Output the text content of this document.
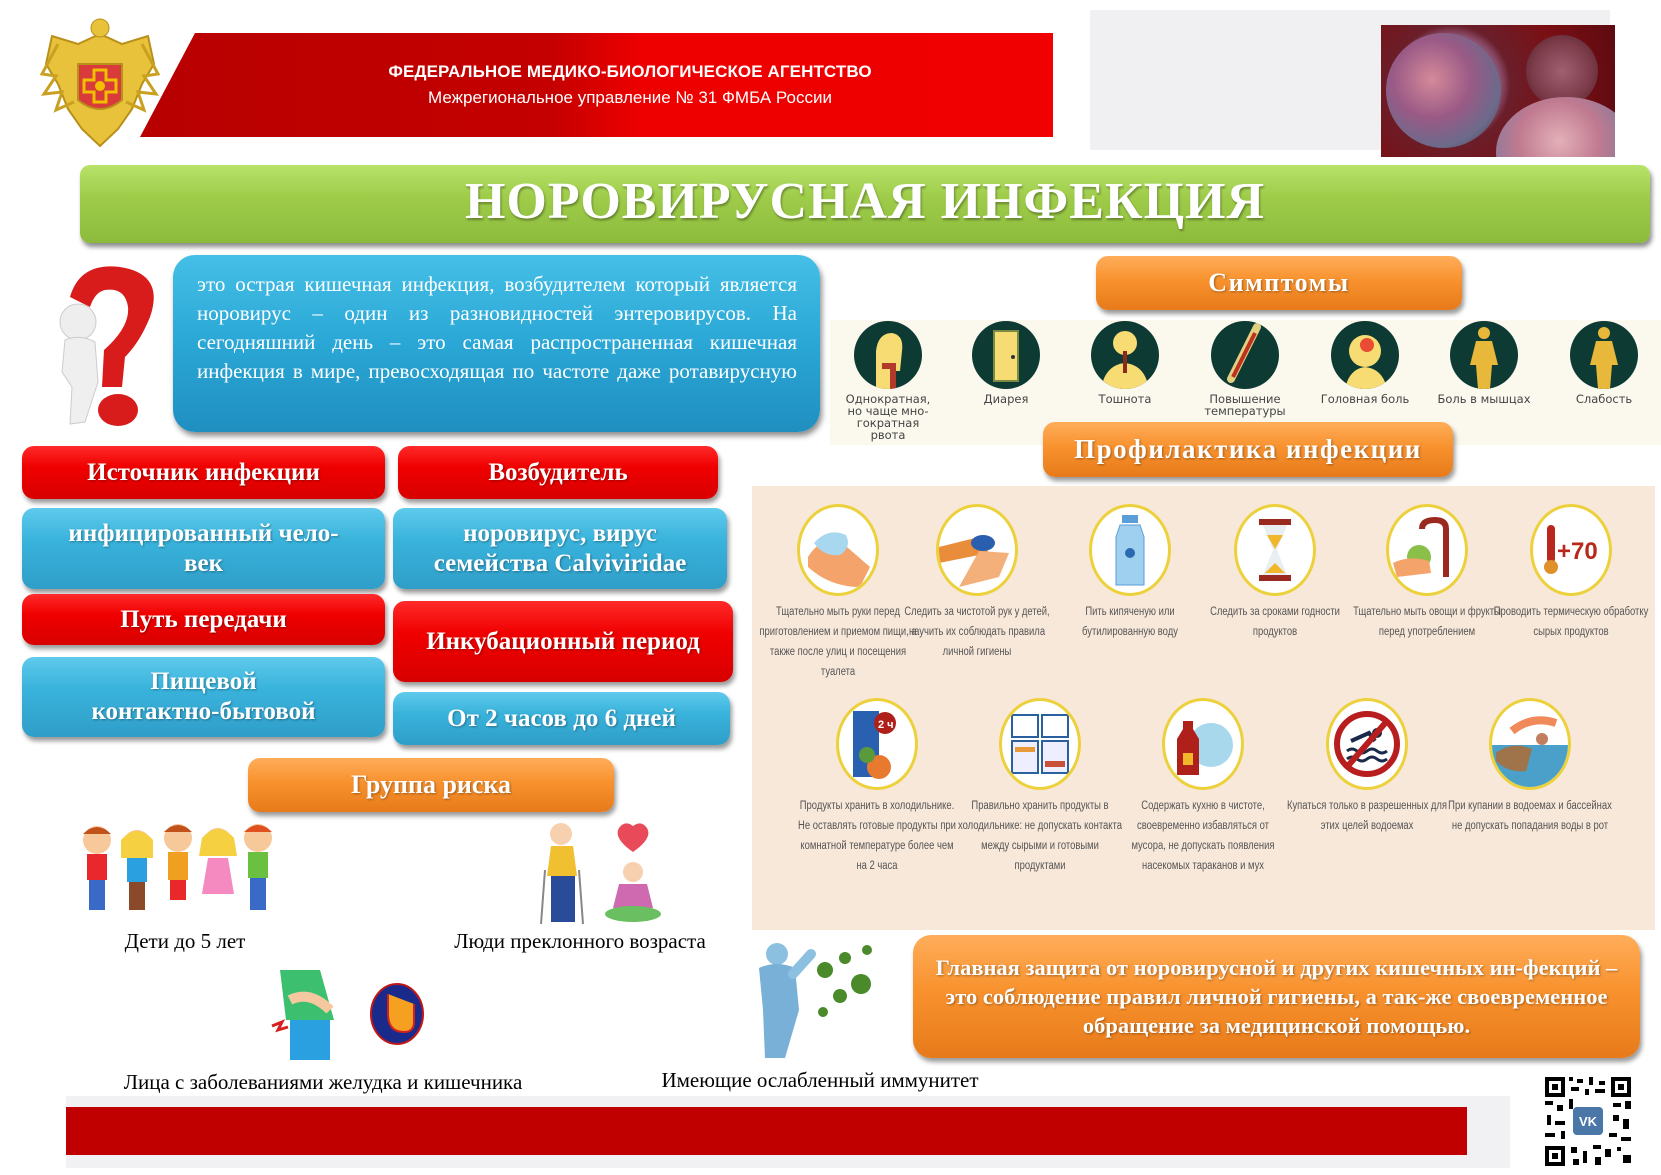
ФЕДЕРАЛЬНОЕ МЕДИКО-БИОЛОГИЧЕСКОЕ АГЕНТСТВО
Межрегиональное управление № 31 ФМБА России
НОРОВИРУСНАЯ ИНФЕКЦИЯ
это острая кишечная инфекция, возбудителем который является норовирус – один из разновидностей энтеровирусов. На сегодняшний день – это самая распространенная кишечная инфекция в мире, превосходящая по частоте даже ротавирусную
Источник инфекции
инфицированный чело-век
Путь передачи
Пищевой
контактно-бытовой
Возбудитель
норовирус, вирус семейства Calviviridae
Инкубационный период
От 2 часов до 6 дней
Симптомы
Однократная, но чаще мно-гократная рвота
Диарея	Тошнота	Повышение температуры
Головная боль	Боль в мышцах	Слабость
Тщательно мыть руки перед приготовлением и приемом пищи, а также после улиц и посещения туалета
Следить за чистотой рук у детей, научить их соблюдать правила личной гигиены
Пить кипяченую или бутилированную воду
Следить за сроками годности продуктов
Тщательно мыть овощи и фрукты перед употреблением
+70
Проводить термическую обработку сырых продуктов
2 ч
Продукты хранить в холодильнике. Не оставлять готовые продукты при комнатной температуре более чем на 2 часа
Правильно хранить продукты в холодильнике: не допускать контакта между сырыми и готовыми продуктами
Содержать кухню в чистоте, своевременно избавляться от мусора, не допускать появления насекомых тараканов и мух
Купаться только в разрешенных для этих целей водоемах
При купании в водоемах и бассейнах не допускать попадания воды в рот
Профилактика инфекции
Группа риска
Дети до 5 лет	Люди преклонного возраста
Лица с заболеваниями желудка и кишечника	Имеющие ослабленный иммунитет
Главная защита от норовирусной и других кишечных ин-фекций – это соблюдение правил личной гигиены, а так-же своевременное обращение за медицинской помощью.
VK
